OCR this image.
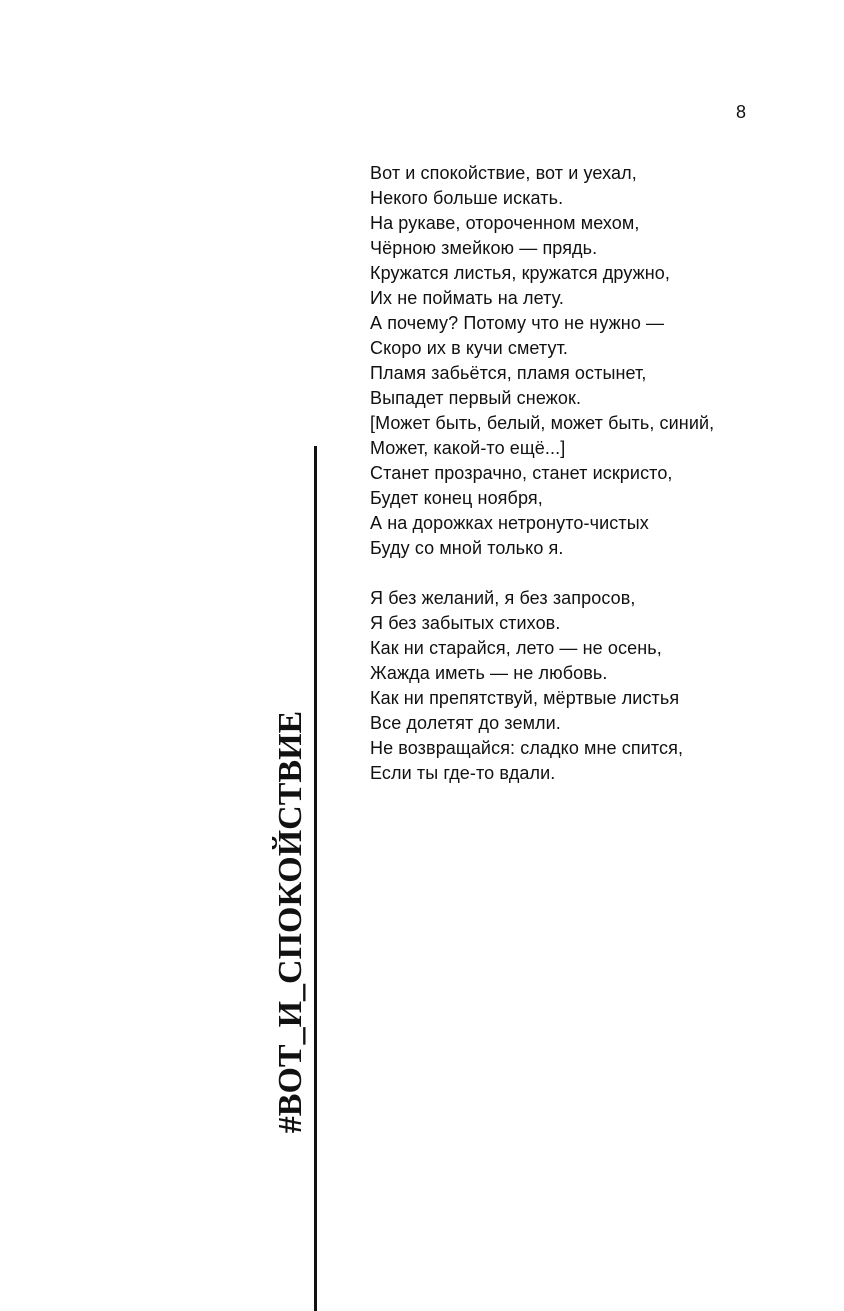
8
Вот и спокойствие, вот и уехал,
Некого больше искать.
На рукаве, отороченном мехом,
Чёрною змейкою — прядь.
Кружатся листья, кружатся дружно,
Их не поймать на лету.
А почему? Потому что не нужно —
Скоро их в кучи сметут.
Пламя забьётся, пламя остынет,
Выпадет первый снежок.
[Может быть, белый, может быть, синий,
Может, какой-то ещё...]
Станет прозрачно, станет искристо,
Будет конец ноября,
А на дорожках нетронуто-чистых
Буду со мной только я.
Я без желаний, я без запросов,
Я без забытых стихов.
Как ни старайся, лето — не осень,
Жажда иметь — не любовь.
Как ни препятствуй, мёртвые листья
Все долетят до земли.
Не возвращайся: сладко мне спится,
Если ты где-то вдали.
#ВОТ_И_СПОКОЙСТВИЕ
